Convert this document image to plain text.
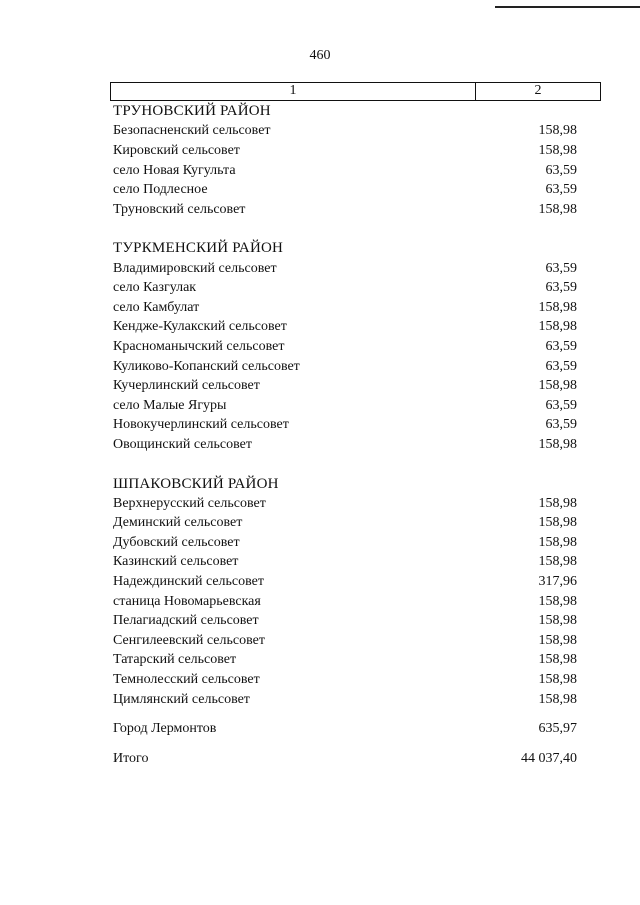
460
1	2
ТРУНОВСКИЙ РАЙОН
Безопасненский сельсовет	158,98
Кировский сельсовет	158,98
село Новая Кугульта	63,59
село Подлесное	63,59
Труновский сельсовет	158,98
ТУРКМЕНСКИЙ РАЙОН
Владимировский сельсовет	63,59
село Казгулак	63,59
село Камбулат	158,98
Кендже-Кулакский сельсовет	158,98
Красноманычский сельсовет	63,59
Куликово-Копанский сельсовет	63,59
Кучерлинский сельсовет	158,98
село Малые Ягуры	63,59
Новокучерлинский сельсовет	63,59
Овощинский сельсовет	158,98
ШПАКОВСКИЙ РАЙОН
Верхнерусский сельсовет	158,98
Деминский сельсовет	158,98
Дубовский сельсовет	158,98
Казинский сельсовет	158,98
Надеждинский сельсовет	317,96
станица Новомарьевская	158,98
Пелагиадский сельсовет	158,98
Сенгилеевский сельсовет	158,98
Татарский сельсовет	158,98
Темнолесский сельсовет	158,98
Цимлянский сельсовет	158,98
Город Лермонтов	635,97
Итого	44 037,40
